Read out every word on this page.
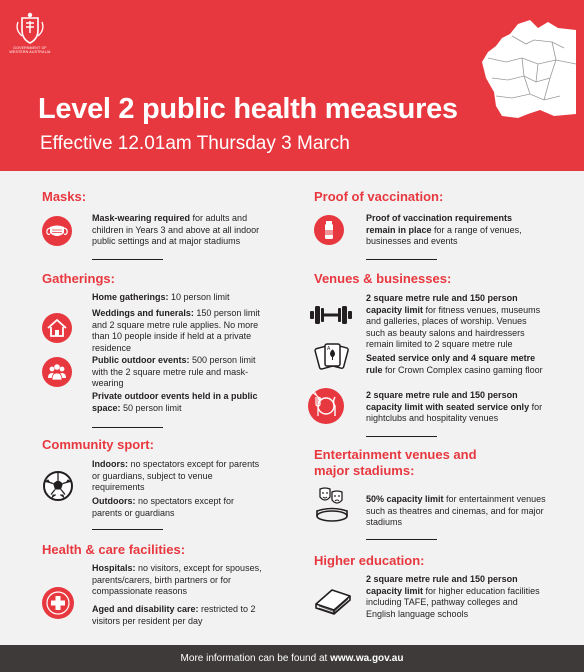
GOVERNMENT OF WESTERN AUSTRALIA
Level 2 public health measures

Effective 12.01am Thursday 3 March

Masks:

Mask-wearing required for adults and children in Years 3 and above at all indoor public settings and at major stadiums

Gatherings:

Home gatherings: 10 person limit

Weddings and funerals: 150 person limit and 2 square metre rule applies. No more than 10 people inside if held at a private residence

Public outdoor events: 500 person limit with the 2 square metre rule and mask-wearing

Private outdoor events held in a public space: 50 person limit

Community sport:

Indoors: no spectators except for parents or guardians, subject to venue requirements

Outdoors: no spectators except for parents or guardians

Health & care facilities:

Hospitals: no visitors, except for spouses, parents/carers, birth partners or for compassionate reasons

Aged and disability care: restricted to 2 visitors per resident per day

Proof of vaccination:

Proof of vaccination requirements remain in place for a range of venues, businesses and events

Venues & businesses:

2 square metre rule and 150 person capacity limit for fitness venues, museums and galleries, places of worship. Venues such as beauty salons and hairdressers remain limited to 2 square metre rule

A

Seated service only and 4 square metre rule for Crown Complex casino gaming floor

2 square metre rule and 150 person capacity limit with seated service only for nightclubs and hospitality venues

Entertainment venues and
major stadiums:

50% capacity limit for entertainment venues such as theatres and cinemas, and for major stadiums

Higher education:

2 square metre rule and 150 person capacity limit for higher education facilities including TAFE, pathway colleges and English language schools

More information can be found at www.wa.gov.au
